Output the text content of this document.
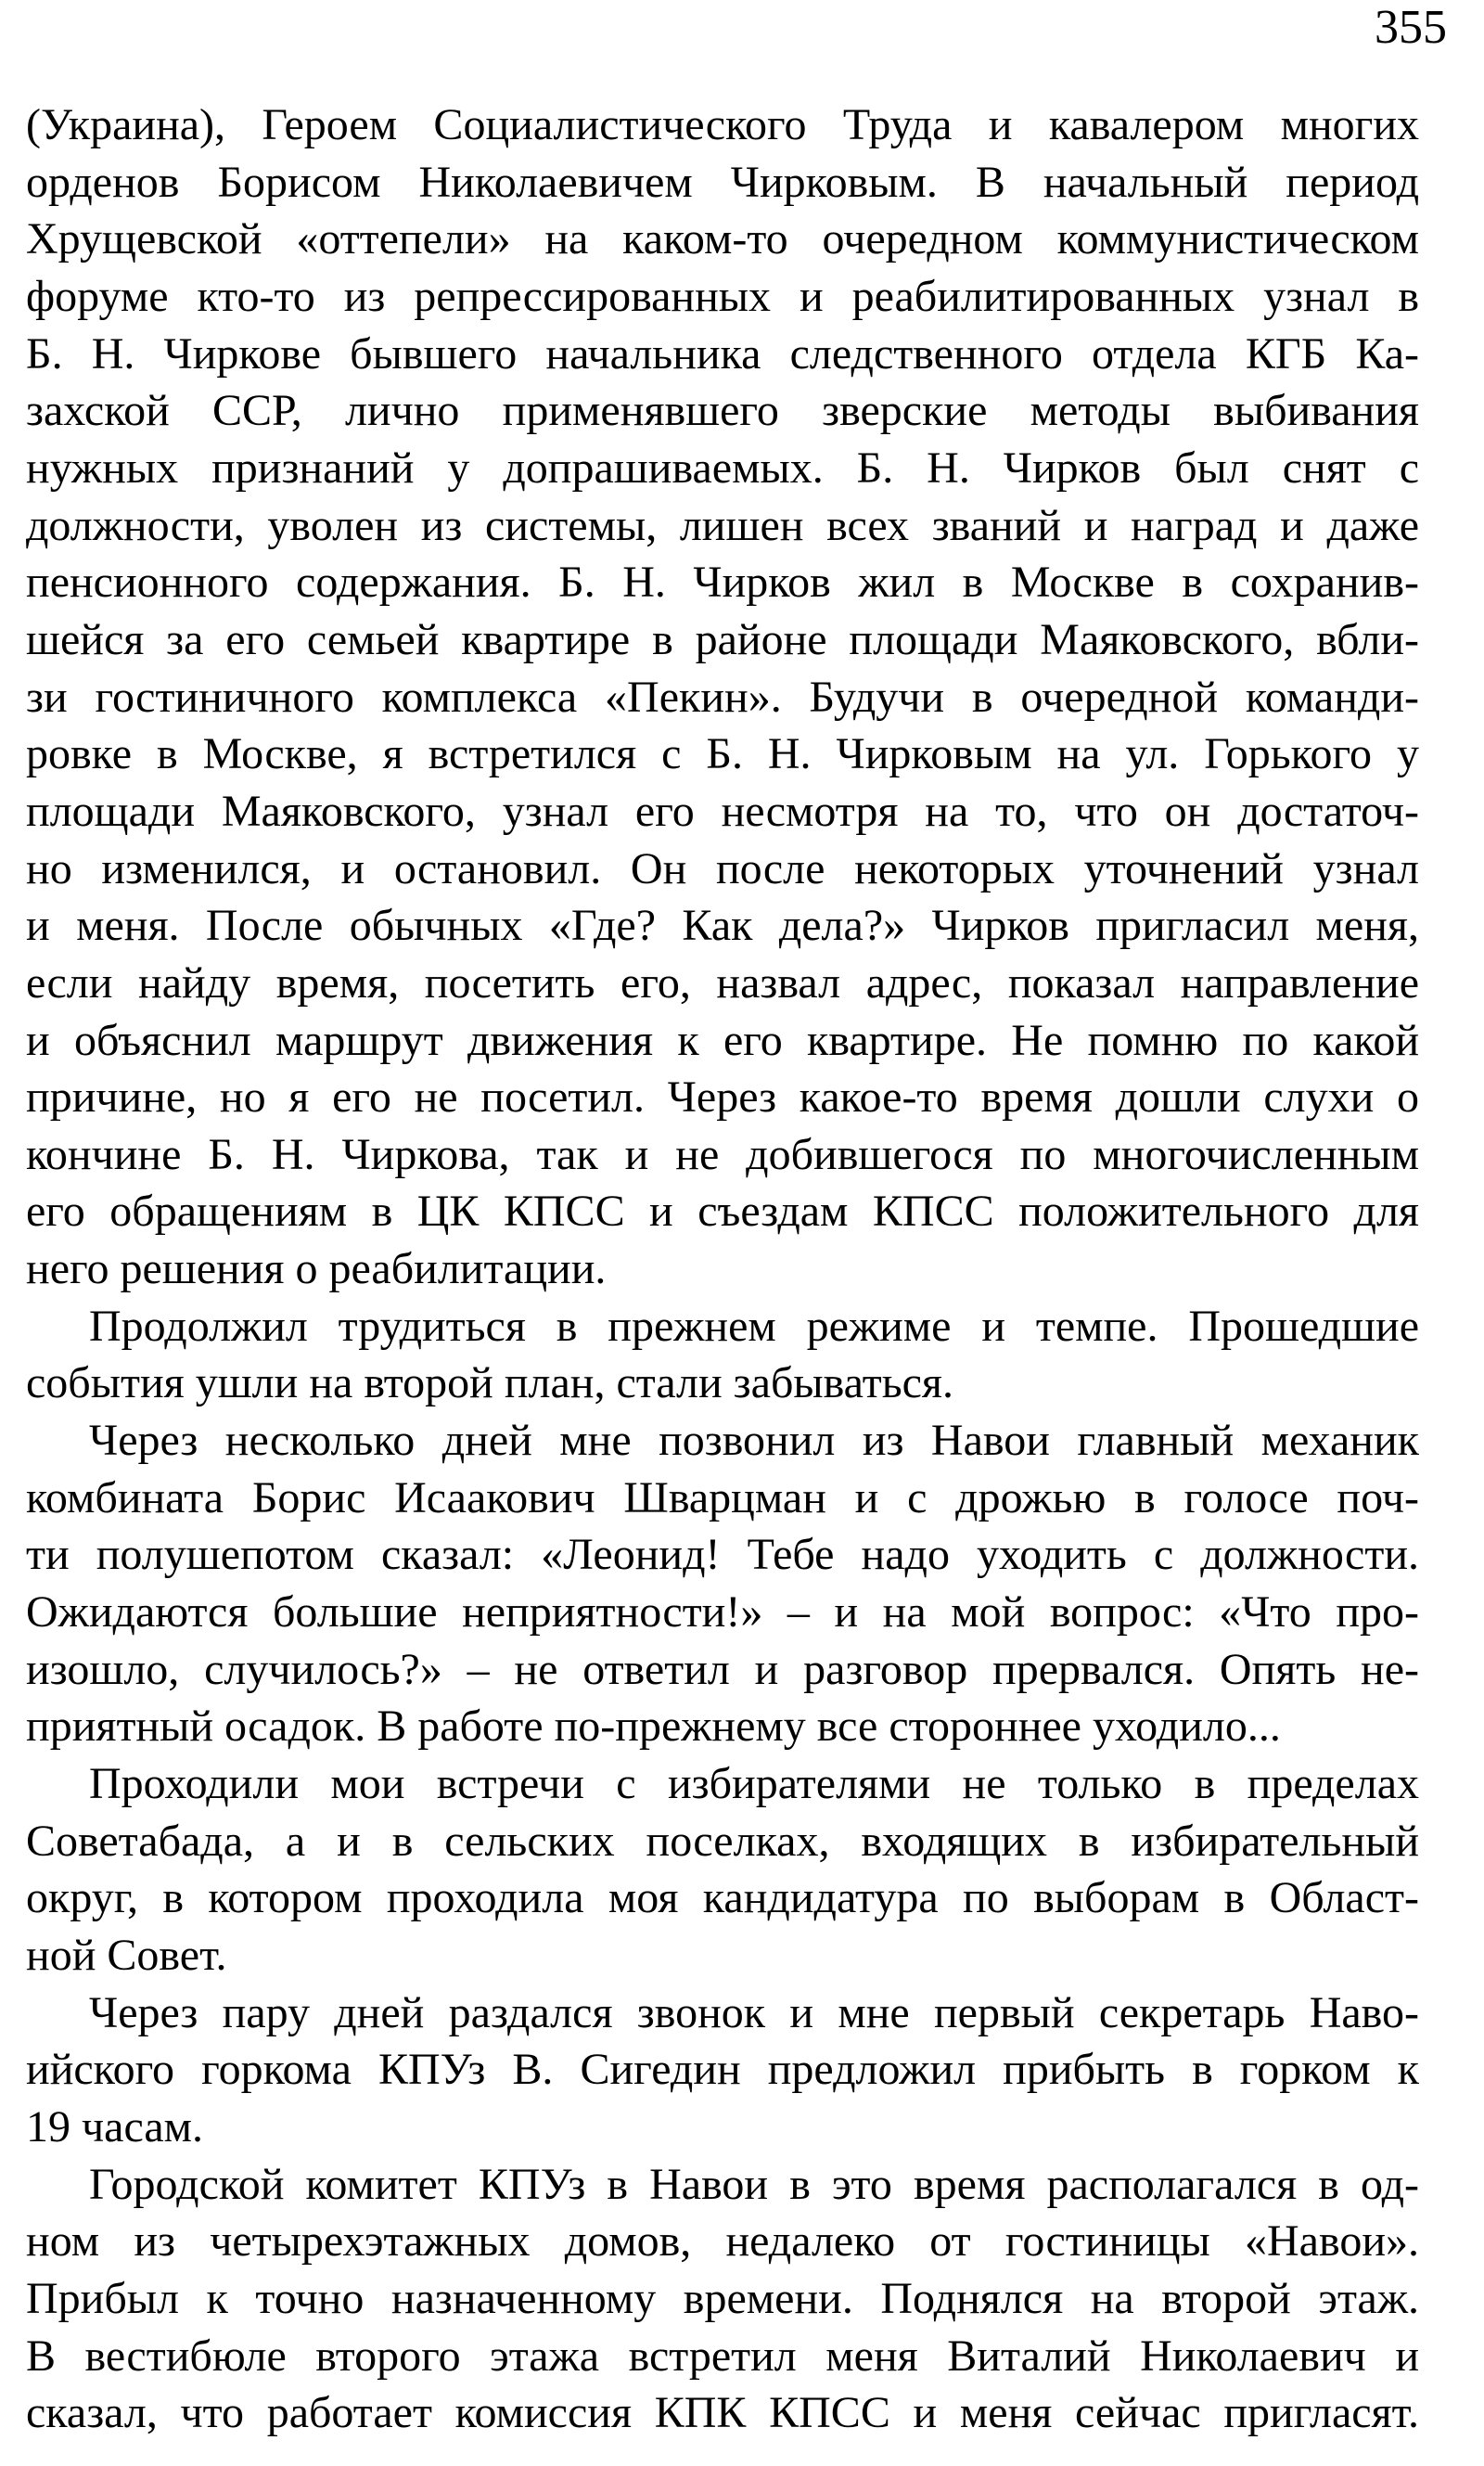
355

(Украина), Героем Социалистического Труда и кавалером многих
орденов Борисом Николаевичем Чирковым. В начальный период
Хрущевской «оттепели» на каком-то очередном коммунистическом
форуме кто-то из репрессированных и реабилитированных узнал в
Б. Н. Чиркове бывшего начальника следственного отдела КГБ Ка-
захской ССР, лично применявшего зверские методы выбивания
нужных признаний у допрашиваемых. Б. Н. Чирков был снят с
должности, уволен из системы, лишен всех званий и наград и даже
пенсионного содержания. Б. Н. Чирков жил в Москве в сохранив-
шейся за его семьей квартире в районе площади Маяковского, вбли-
зи гостиничного комплекса «Пекин». Будучи в очередной команди-
ровке в Москве, я встретился с Б. Н. Чирковым на ул. Горького у
площади Маяковского, узнал его несмотря на то, что он достаточ-
но изменился, и остановил. Он после некоторых уточнений узнал
и меня. После обычных «Где? Как дела?» Чирков пригласил меня,
если найду время, посетить его, назвал адрес, показал направление
и объяснил маршрут движения к его квартире. Не помню по какой
причине, но я его не посетил. Через какое-то время дошли слухи о
кончине Б. Н. Чиркова, так и не добившегося по многочисленным
его обращениям в ЦК КПСС и съездам КПСС положительного для
него решения о реабилитации.

Продолжил трудиться в прежнем режиме и темпе. Прошедшие
события ушли на второй план, стали забываться.

Через несколько дней мне позвонил из Навои главный механик
комбината Борис Исаакович Шварцман и с дрожью в голосе поч-
ти полушепотом сказал: «Леонид! Тебе надо уходить с должности.
Ожидаются большие неприятности!» – и на мой вопрос: «Что про-
изошло, случилось?» – не ответил и разговор прервался. Опять не-
приятный осадок. В работе по-прежнему все стороннее уходило...

Проходили мои встречи с избирателями не только в пределах
Советабада, а и в сельских поселках, входящих в избирательный
округ, в котором проходила моя кандидатура по выборам в Област-
ной Совет.

Через пару дней раздался звонок и мне первый секретарь Наво-
ийского горкома КПУз В. Сигедин предложил прибыть в горком к
19 часам.

Городской комитет КПУз в Навои в это время располагался в од-
ном из четырехэтажных домов, недалеко от гостиницы «Навои».
Прибыл к точно назначенному времени. Поднялся на второй этаж.
В вестибюле второго этажа встретил меня Виталий Николаевич и
сказал, что работает комиссия КПК КПСС и меня сейчас пригласят.
